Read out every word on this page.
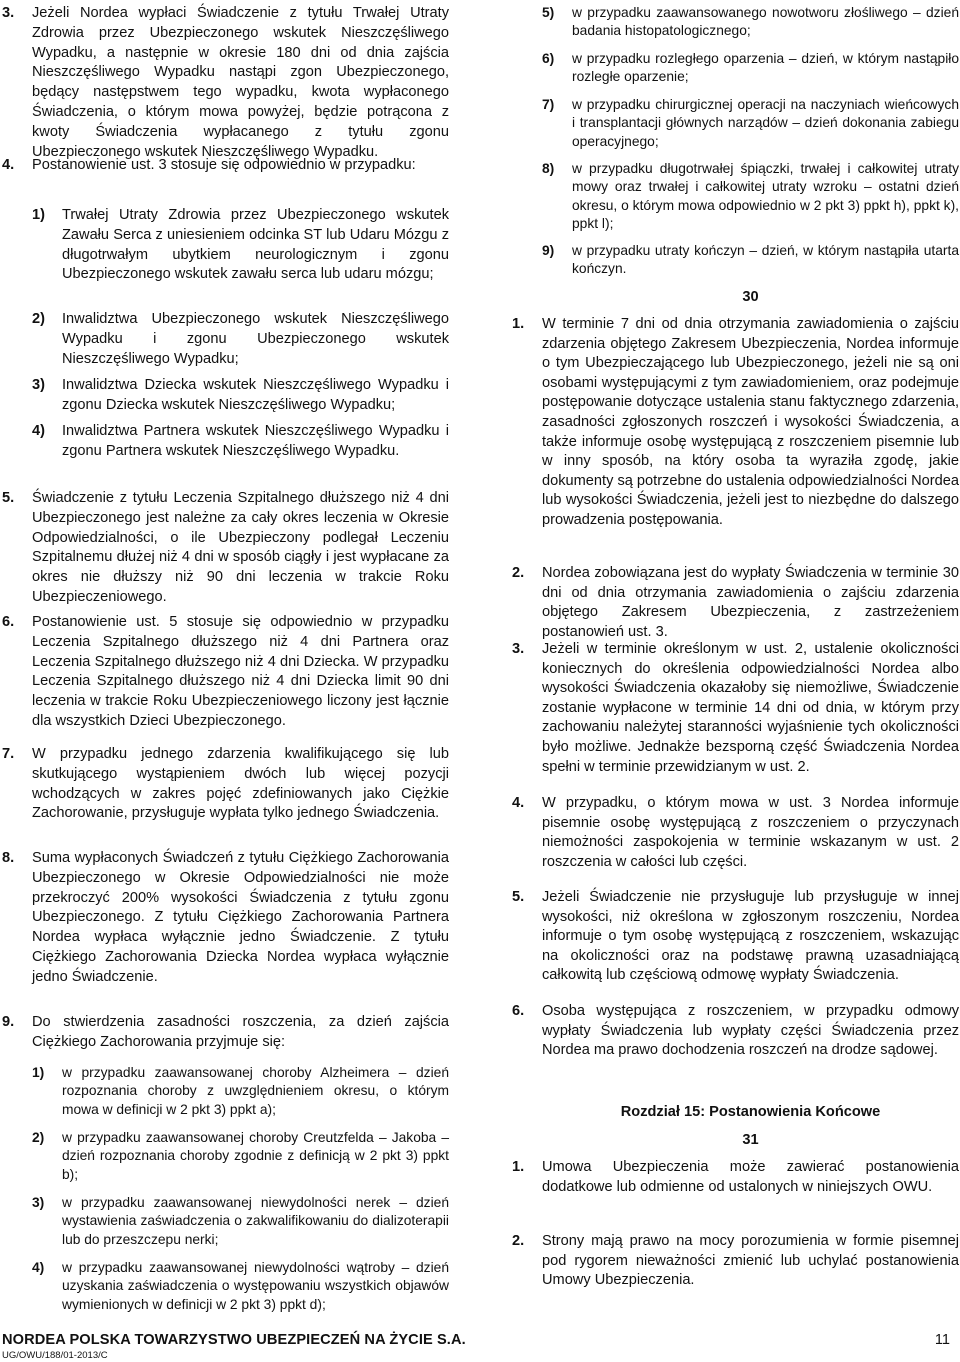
3.	Jeżeli Nordea wypłaci Świadczenie z tytułu Trwałej Utraty Zdrowia przez Ubezpieczonego wskutek Nieszczęśliwego Wypadku, a następnie w okresie 180 dni od dnia zajścia Nieszczęśliwego Wypadku nastąpi zgon Ubezpieczonego, będący następstwem tego wypadku, kwota wypłaconego Świadczenia, o którym mowa powyżej, będzie potrącona z kwoty Świadczenia wypłacanego z tytułu zgonu Ubezpieczonego wskutek Nieszczęśliwego Wypadku.

4.	Postanowienie ust. 3 stosuje się odpowiednio w przypadku:

1)	Trwałej Utraty Zdrowia przez Ubezpieczonego wskutek Zawału Serca z uniesieniem odcinka ST lub Udaru Mózgu z długotrwałym ubytkiem neurologicznym i zgonu Ubezpieczonego wskutek zawału serca lub udaru mózgu;

2)	Inwalidztwa Ubezpieczonego wskutek Nieszczęśliwego Wypadku i zgonu Ubezpieczonego wskutek Nieszczęśliwego Wypadku;

3)	Inwalidztwa Dziecka wskutek Nieszczęśliwego Wypadku i zgonu Dziecka wskutek Nieszczęśliwego Wypadku;

4)	Inwalidztwa Partnera wskutek Nieszczęśliwego Wypadku i zgonu Partnera wskutek Nieszczęśliwego Wypadku.

5.	Świadczenie z tytułu Leczenia Szpitalnego dłuższego niż 4 dni Ubezpieczonego jest należne za cały okres leczenia w Okresie Odpowiedzialności, o ile Ubezpieczony podlegał Leczeniu Szpitalnemu dłużej niż 4 dni w sposób ciągły i jest wypłacane za okres nie dłuższy niż 90 dni leczenia w trakcie Roku Ubezpieczeniowego.

6.	Postanowienie ust. 5 stosuje się odpowiednio w przypadku Leczenia Szpitalnego dłuższego niż 4 dni Partnera oraz Leczenia Szpitalnego dłuższego niż 4 dni Dziecka. W przypadku Leczenia Szpitalnego dłuższego niż 4 dni Dziecka limit 90 dni leczenia w trakcie Roku Ubezpieczeniowego liczony jest łącznie dla wszystkich Dzieci Ubezpieczonego.

7.	W przypadku jednego zdarzenia kwalifikującego się lub skutkującego wystąpieniem dwóch lub więcej pozycji wchodzących w zakres pojęć zdefiniowanych jako Ciężkie Zachorowanie, przysługuje wypłata tylko jednego Świadczenia.

8.	Suma wypłaconych Świadczeń z tytułu Ciężkiego Zachorowania Ubezpieczonego w Okresie Odpowiedzialności nie może przekroczyć 200% wysokości Świadczenia z tytułu zgonu Ubezpieczonego. Z tytułu Ciężkiego Zachorowania Partnera Nordea wypłaca wyłącznie jedno Świadczenie. Z tytułu Ciężkiego Zachorowania Dziecka Nordea wypłaca wyłącznie jedno Świadczenie.

9.	Do stwierdzenia zasadności roszczenia, za dzień zajścia Ciężkiego Zachorowania przyjmuje się:

1)	w przypadku zaawansowanej choroby Alzheimera – dzień rozpoznania choroby z uwzględnieniem okresu, o którym mowa w definicji w 2 pkt 3) ppkt a);

2)	w przypadku zaawansowanej choroby Creutzfelda – Jakoba – dzień rozpoznania choroby zgodnie z definicją w 2 pkt 3) ppkt b);

3)	w przypadku zaawansowanej niewydolności nerek – dzień wystawienia zaświadczenia o zakwalifikowaniu do dializoterapii lub do przeszczepu nerki;

4)	w przypadku zaawansowanej niewydolności wątroby – dzień uzyskania zaświadczenia o występowaniu wszystkich objawów wymienionych w definicji w 2 pkt 3) ppkt d);

5)	w przypadku zaawansowanego nowotworu złośliwego – dzień badania histopatologicznego;

6)	w przypadku rozległego oparzenia – dzień, w którym nastąpiło rozległe oparzenie;

7)	w przypadku chirurgicznej operacji na naczyniach wieńcowych i transplantacji głównych narządów – dzień dokonania zabiegu operacyjnego;

8)	w przypadku długotrwałej śpiączki, trwałej i całkowitej utraty mowy oraz trwałej i całkowitej utraty wzroku – ostatni dzień okresu, o którym mowa odpowiednio w 2 pkt 3) ppkt h), ppkt k), ppkt l);

9)	w przypadku utraty kończyn – dzień, w którym nastąpiła utarta kończyn.

30

1.	W terminie 7 dni od dnia otrzymania zawiadomienia o zajściu zdarzenia objętego Zakresem Ubezpieczenia, Nordea informuje o tym Ubezpieczającego lub Ubezpieczonego, jeżeli nie są oni osobami występującymi z tym zawiadomieniem, oraz podejmuje postępowanie dotyczące ustalenia stanu faktycznego zdarzenia, zasadności zgłoszonych roszczeń i wysokości Świadczenia, a także informuje osobę występującą z roszczeniem pisemnie lub w inny sposób, na który osoba ta wyraziła zgodę, jakie dokumenty są potrzebne do ustalenia odpowiedzialności Nordea lub wysokości Świadczenia, jeżeli jest to niezbędne do dalszego prowadzenia postępowania.

2.	Nordea zobowiązana jest do wypłaty Świadczenia w terminie 30 dni od dnia otrzymania zawiadomienia o zajściu zdarzenia objętego Zakresem Ubezpieczenia, z zastrzeżeniem postanowień ust. 3.

3.	Jeżeli w terminie określonym w ust. 2, ustalenie okoliczności koniecznych do określenia odpowiedzialności Nordea albo wysokości Świadczenia okazałoby się niemożliwe, Świadczenie zostanie wypłacone w terminie 14 dni od dnia, w którym przy zachowaniu należytej staranności wyjaśnienie tych okoliczności było możliwe. Jednakże bezsporną część Świadczenia Nordea spełni w terminie przewidzianym w ust. 2.

4.	W przypadku, o którym mowa w ust. 3 Nordea informuje pisemnie osobę występującą z roszczeniem o przyczynach niemożności zaspokojenia w terminie wskazanym w ust. 2 roszczenia w całości lub części.

5.	Jeżeli Świadczenie nie przysługuje lub przysługuje w innej wysokości, niż określona w zgłoszonym roszczeniu, Nordea informuje o tym osobę występującą z roszczeniem, wskazując na okoliczności oraz na podstawę prawną uzasadniającą całkowitą lub częściową odmowę wypłaty Świadczenia.

6.	Osoba występująca z roszczeniem, w przypadku odmowy wypłaty Świadczenia lub wypłaty części Świadczenia przez Nordea ma prawo dochodzenia roszczeń na drodze sądowej.

Rozdział 15: Postanowienia Końcowe

31

1.	Umowa Ubezpieczenia może zawierać postanowienia dodatkowe lub odmienne od ustalonych w niniejszych OWU.

2.	Strony mają prawo na mocy porozumienia w formie pisemnej pod rygorem nieważności zmienić lub uchylać postanowienia Umowy Ubezpieczenia.

NORDEA POLSKA TOWARZYSTWO UBEZPIECZEŃ NA ŻYCIE S.A.

UG/OWU/188/01-2013/C

11
